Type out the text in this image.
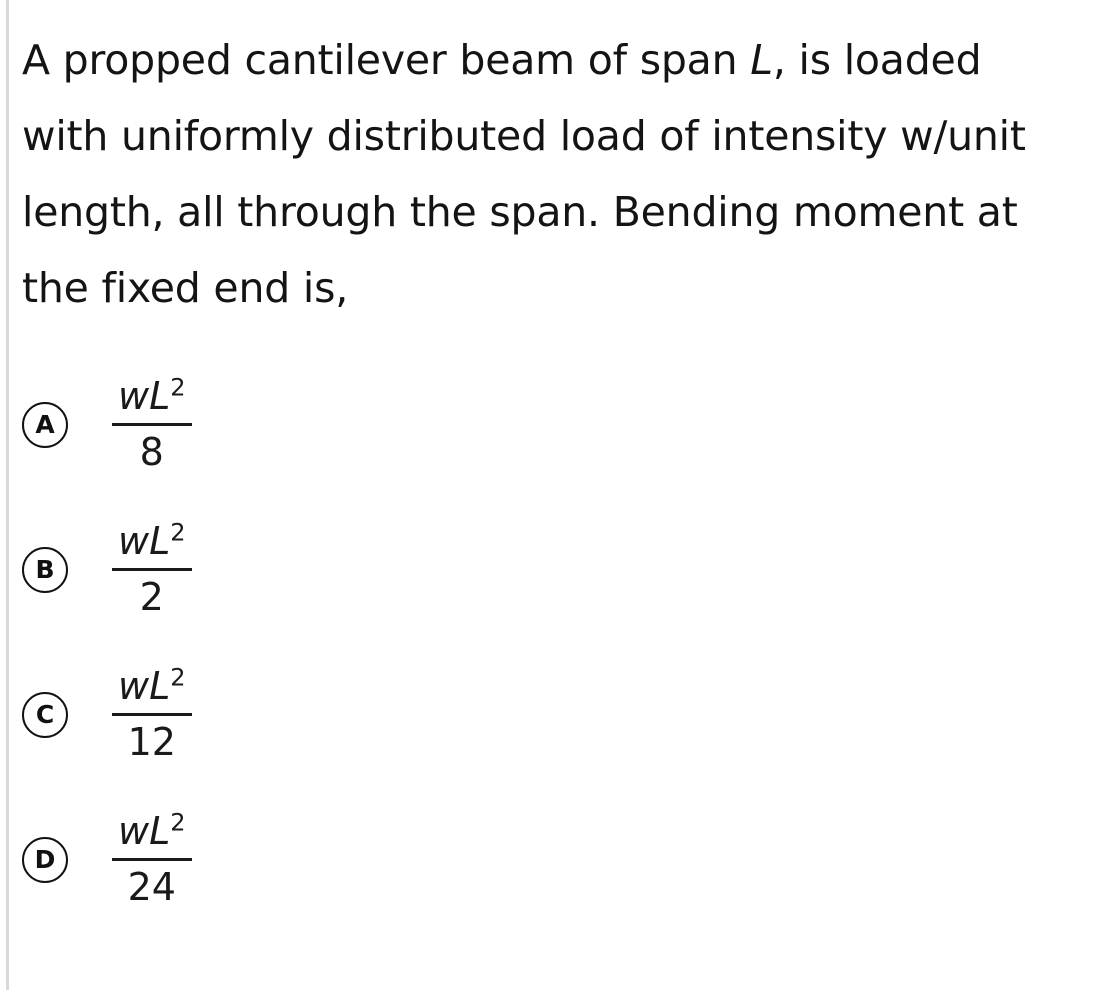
A propped cantilever beam of span L, is loaded with uniformly distributed load of intensity w/unit length, all through the span. Bending moment at the fixed end is,
A	$\frac{wL^2}{8}$
B	$\frac{wL^2}{2}$
C	$\frac{wL^2}{12}$
D	$\frac{wL^2}{24}$
